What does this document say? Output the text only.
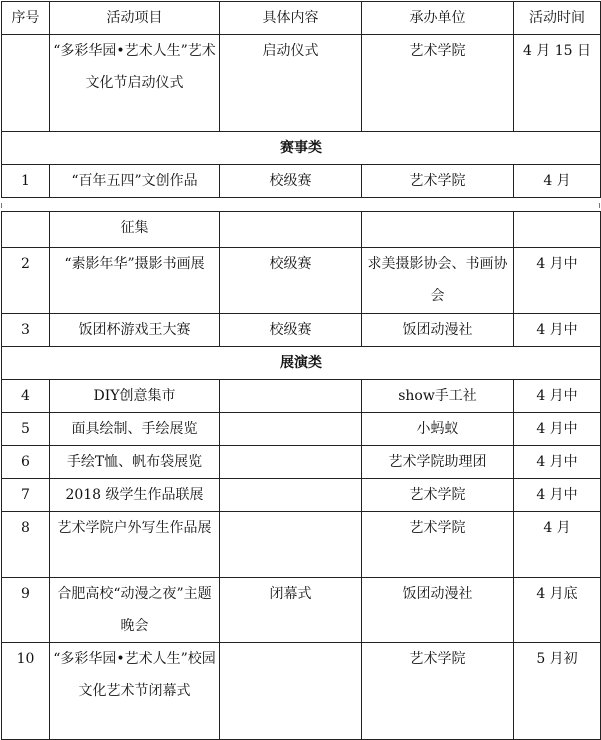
序号	活动项目	具体内容	承办单位	活动时间
	“多彩华园•艺术人生”艺术文化节启动仪式	启动仪式	艺术学院	4 月 15 日
赛事类				
1	“百年五四”文创作品	校级赛	艺术学院	4 月
	征集			
2	“素影年华”摄影书画展	校级赛	求美摄影协会、书画协会	4 月中
3	饭团杯游戏王大赛	校级赛	饭团动漫社	4 月中
展演类				
4	DIY创意集市		show手工社	4 月中
5	面具绘制、手绘展览		小蚂蚁	4 月中
6	手绘T恤、帆布袋展览		艺术学院助理团	4 月中
7	2018 级学生作品联展		艺术学院	4 月中
8	艺术学院户外写生作品展		艺术学院	4 月
9	合肥高校“动漫之夜”主题晚会	闭幕式	饭团动漫社	4 月底
10	“多彩华园•艺术人生”校园文化艺术节闭幕式		艺术学院	5 月初
